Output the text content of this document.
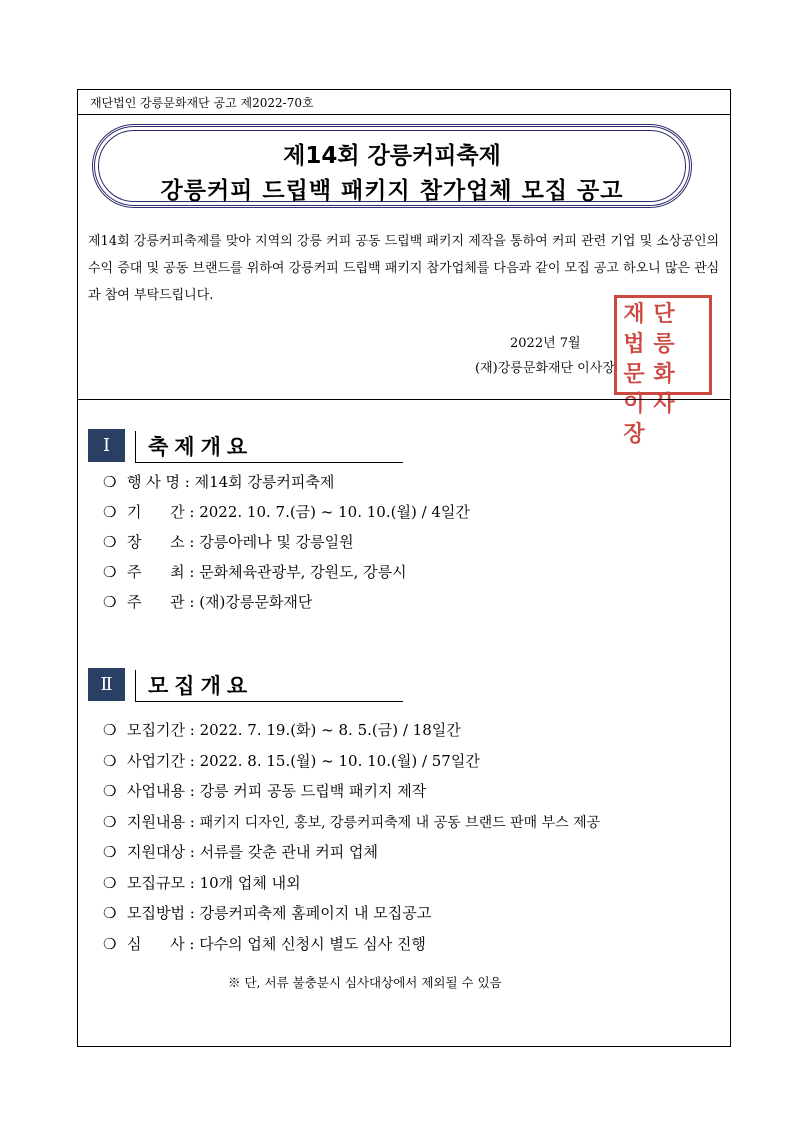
재단법인 강릉문화재단 공고 제2022-70호
제14회 강릉커피축제
강릉커피 드립백 패키지 참가업체 모집 공고
제14회 강릉커피축제를 맞아 지역의 강릉 커피 공동 드립백 패키지 제작을 통하여 커피 관련 기업 및 소상공인의 수익 증대 및 공동 브랜드를 위하여 강릉커피 드립백 패키지 참가업체를 다음과 같이 모집 공고 하오니 많은 관심과 참여 부탁드립니다.
2022년 7월
(재)강릉문화재단 이사장
재 단
법 릉
문 화
이 사
장
Ⅰ	축제개요
❍ 행 사 명 : 제14회 강릉커피축제
❍ 기      간 : 2022. 10. 7.(금) ~ 10. 10.(월) / 4일간
❍ 장      소 : 강릉아레나 및 강릉일원
❍ 주      최 : 문화체육관광부, 강원도, 강릉시
❍ 주      관 : (재)강릉문화재단
Ⅱ	모집개요
❍ 모집기간 : 2022. 7. 19.(화) ~ 8. 5.(금) / 18일간
❍ 사업기간 : 2022. 8. 15.(월) ~ 10. 10.(월) / 57일간
❍ 사업내용 : 강릉 커피 공동 드립백 패키지 제작
❍ 지원내용 : 패키지 디자인, 홍보, 강릉커피축제 내 공동 브랜드 판매 부스 제공
❍ 지원대상 : 서류를 갖춘 관내 커피 업체
❍ 모집규모 : 10개 업체 내외
❍ 모집방법 : 강릉커피축제 홈페이지 내 모집공고
❍ 심      사 : 다수의 업체 신청시 별도 심사 진행
※ 단, 서류 불충분시 심사대상에서 제외될 수 있음
